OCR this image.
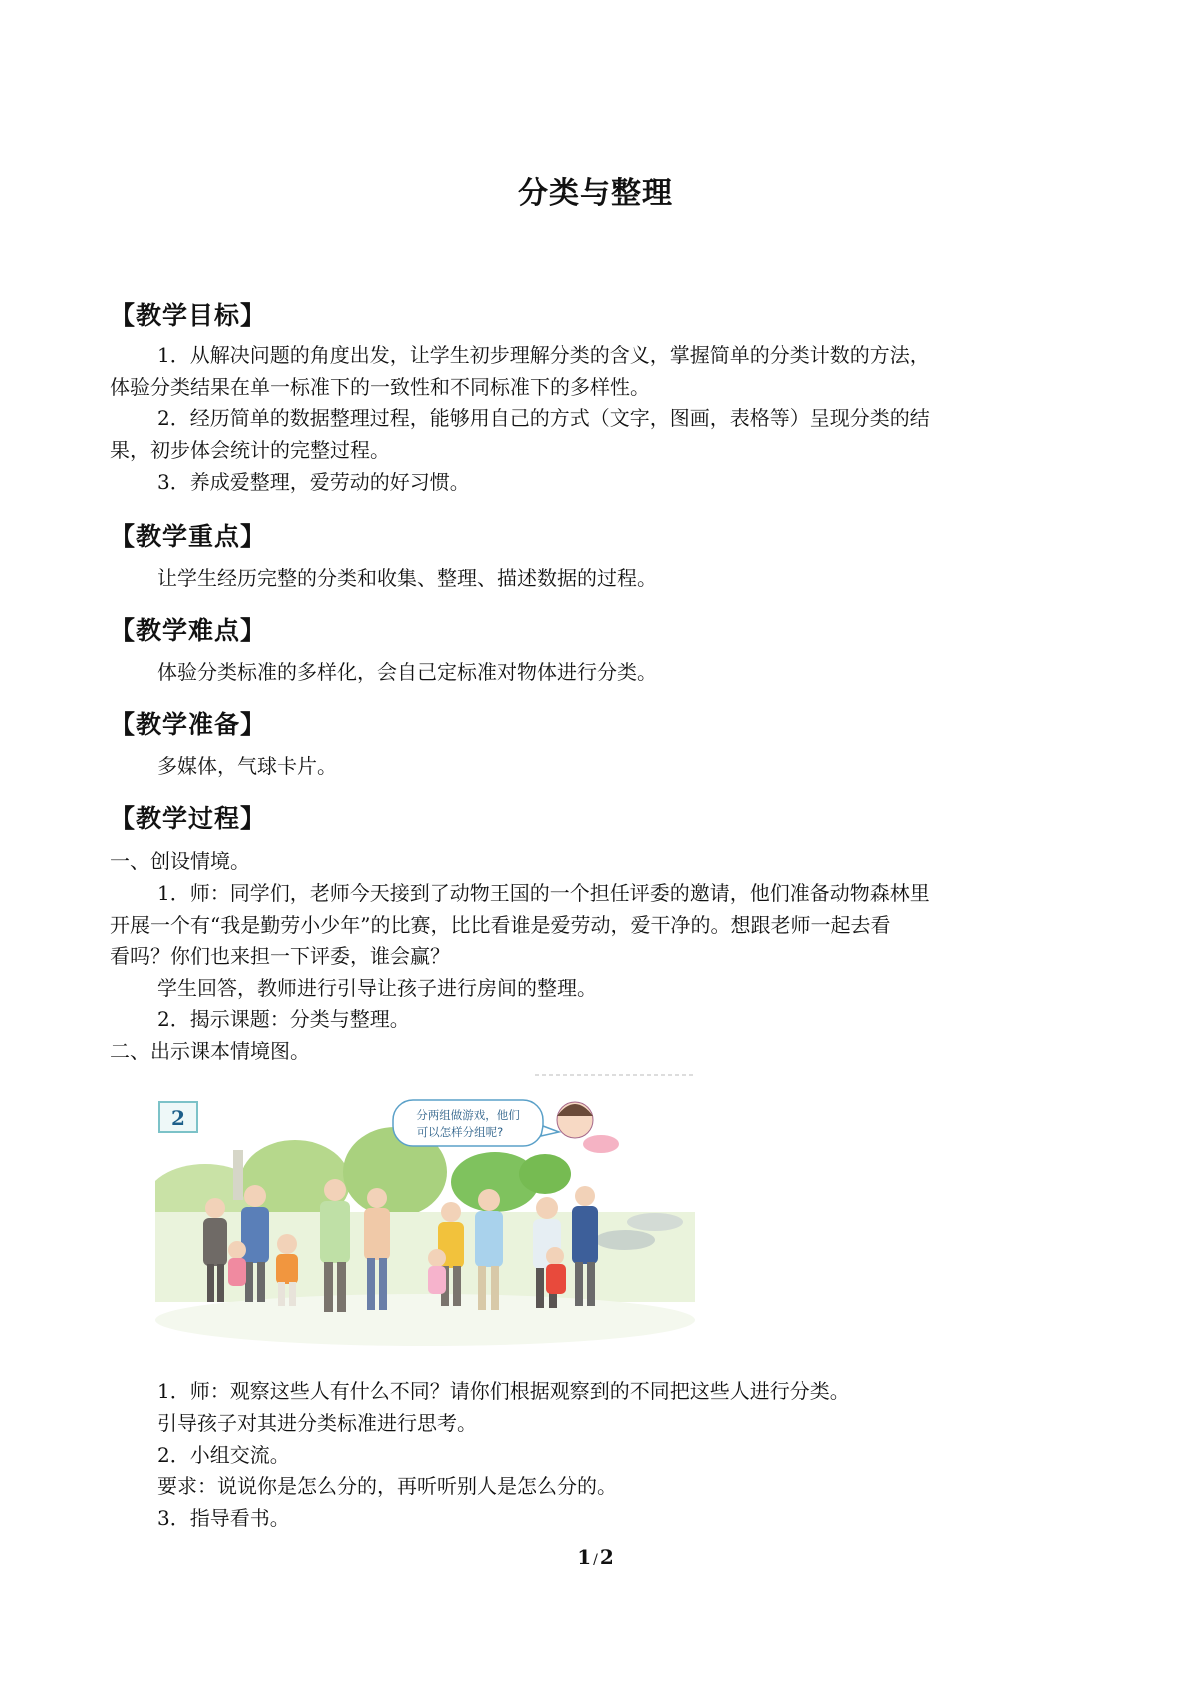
分类与整理
【教学目标】
1．从解决问题的角度出发，让学生初步理解分类的含义，掌握简单的分类计数的方法，
体验分类结果在单一标准下的一致性和不同标准下的多样性。
2．经历简单的数据整理过程，能够用自己的方式（文字，图画，表格等）呈现分类的结
果，初步体会统计的完整过程。
3．养成爱整理，爱劳动的好习惯。
【教学重点】
让学生经历完整的分类和收集、整理、描述数据的过程。
【教学难点】
体验分类标准的多样化，会自己定标准对物体进行分类。
【教学准备】
多媒体，气球卡片。
【教学过程】
一、创设情境。
1．师：同学们，老师今天接到了动物王国的一个担任评委的邀请，他们准备动物森林里
开展一个有“我是勤劳小少年”的比赛，比比看谁是爱劳动，爱干净的。想跟老师一起去看
看吗？你们也来担一下评委，谁会赢？
学生回答，教师进行引导让孩子进行房间的整理。
2．揭示课题：分类与整理。
二、出示课本情境图。
2	分两组做游戏，他们
可以怎样分组呢?
1．师：观察这些人有什么不同？请你们根据观察到的不同把这些人进行分类。
引导孩子对其进分类标准进行思考。
2．小组交流。
要求：说说你是怎么分的，再听听别人是怎么分的。
3．指导看书。
1 / 2
